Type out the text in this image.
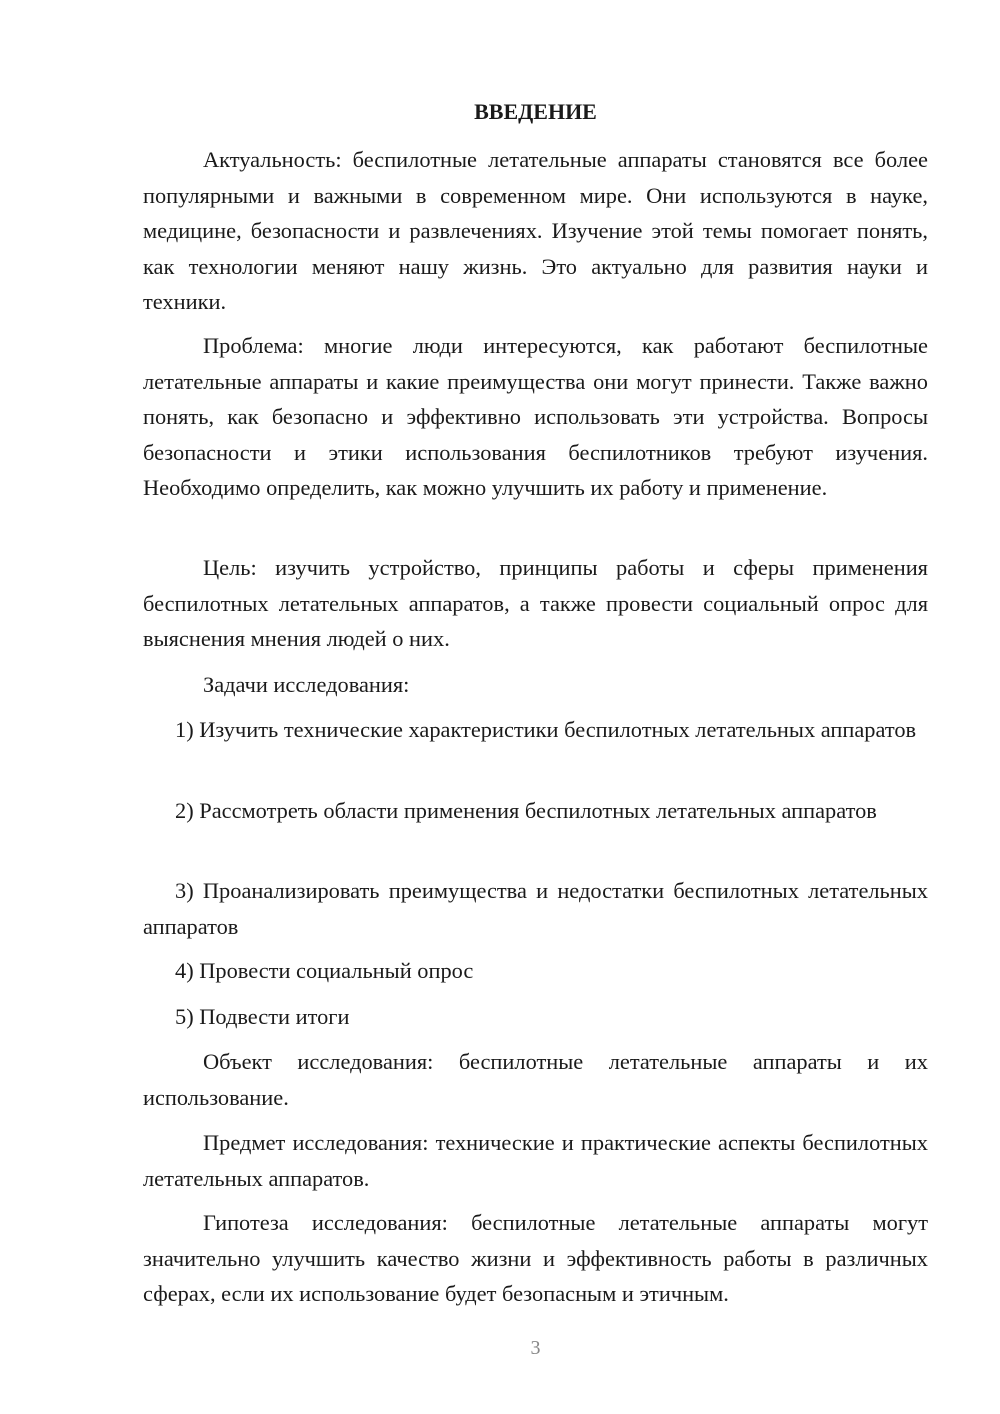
ВВЕДЕНИЕ

Актуальность: беспилотные летательные аппараты становятся все более популярными и важными в современном мире. Они используются в науке, медицине, безопасности и развлечениях. Изучение этой темы помогает понять, как технологии меняют нашу жизнь. Это актуально для развития науки и техники.

Проблема: многие люди интересуются, как работают беспилотные летательные аппараты и какие преимущества они могут принести. Также важно понять, как безопасно и эффективно использовать эти устройства. Вопросы безопасности и этики использования беспилотников требуют изучения. Необходимо определить, как можно улучшить их работу и применение.

Цель: изучить устройство, принципы работы и сферы применения беспилотных летательных аппаратов, а также провести социальный опрос для выяснения мнения людей о них.

Задачи исследования:

1) Изучить технические характеристики беспилотных летательных аппаратов

2) Рассмотреть области применения беспилотных летательных аппаратов

3) Проанализировать преимущества и недостатки беспилотных летательных аппаратов

4) Провести социальный опрос

5) Подвести итоги

Объект исследования: беспилотные летательные аппараты и их использование.

Предмет исследования: технические и практические аспекты беспилотных летательных аппаратов.

Гипотеза исследования: беспилотные летательные аппараты могут значительно улучшить качество жизни и эффективность работы в различных сферах, если их использование будет безопасным и этичным.

3
